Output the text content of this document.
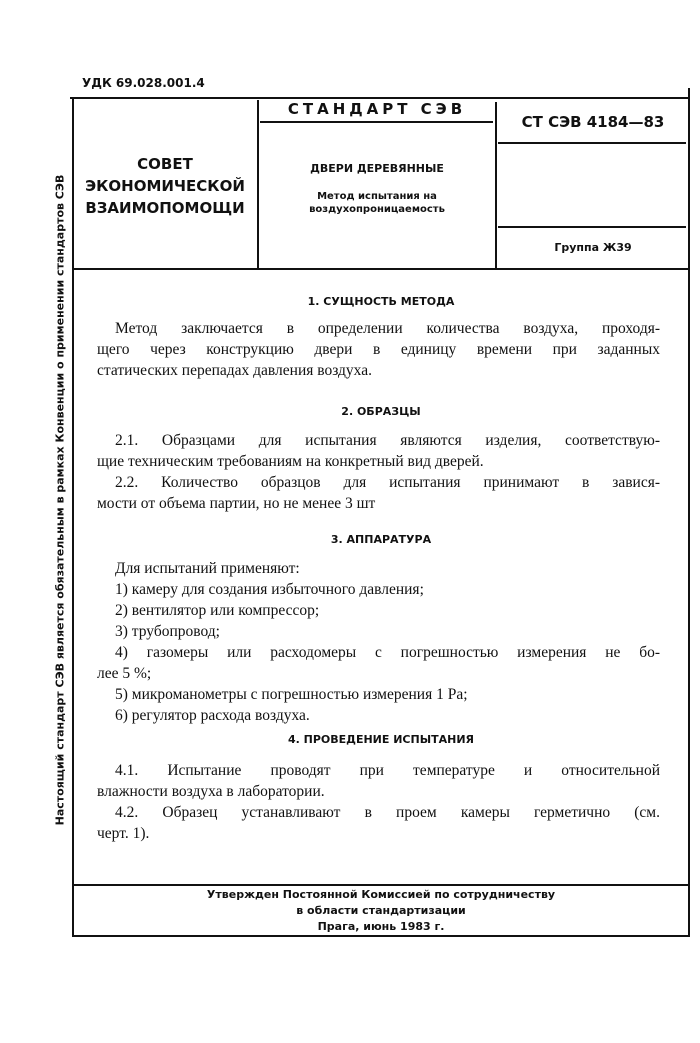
УДК 69.028.001.4
Настоящий стандарт СЭВ является обязательным в рамках Конвенции о применении стандартов СЭВ
СОВЕТ
ЭКОНОМИЧЕСКОЙ
ВЗАИМОПОМОЩИ
СТАНДАРТ СЭВ
ДВЕРИ ДЕРЕВЯННЫЕ
Метод испытания на
воздухопроницаемость
СТ СЭВ 4184—83
Группа Ж39
1. СУЩНОСТЬ МЕТОДА
Метод заключается в определении количества воздуха, проходя-
щего через конструкцию двери в единицу времени при заданных
статических перепадах давления воздуха.
2. ОБРАЗЦЫ
2.1. Образцами для испытания являются изделия, соответствую-
щие техническим требованиям на конкретный вид дверей.
2.2. Количество образцов для испытания принимают в завися-
мости от объема партии, но не менее 3 шт
3. АППАРАТУРА
Для испытаний применяют:
1) камеру для создания избыточного давления;
2) вентилятор или компрессор;
3) трубопровод;
4) газомеры или расходомеры с погрешностью измерения не бо-
лее 5 %;
5) микроманометры с погрешностью измерения 1 Ра;
6) регулятор расхода воздуха.
4. ПРОВЕДЕНИЕ ИСПЫТАНИЯ
4.1. Испытание проводят при температуре и относительной
влажности воздуха в лаборатории.
4.2. Образец устанавливают в проем камеры герметично (см.
черт. 1).
Утвержден Постоянной Комиссией по сотрудничеству
в области стандартизации
Прага, июнь 1983 г.
